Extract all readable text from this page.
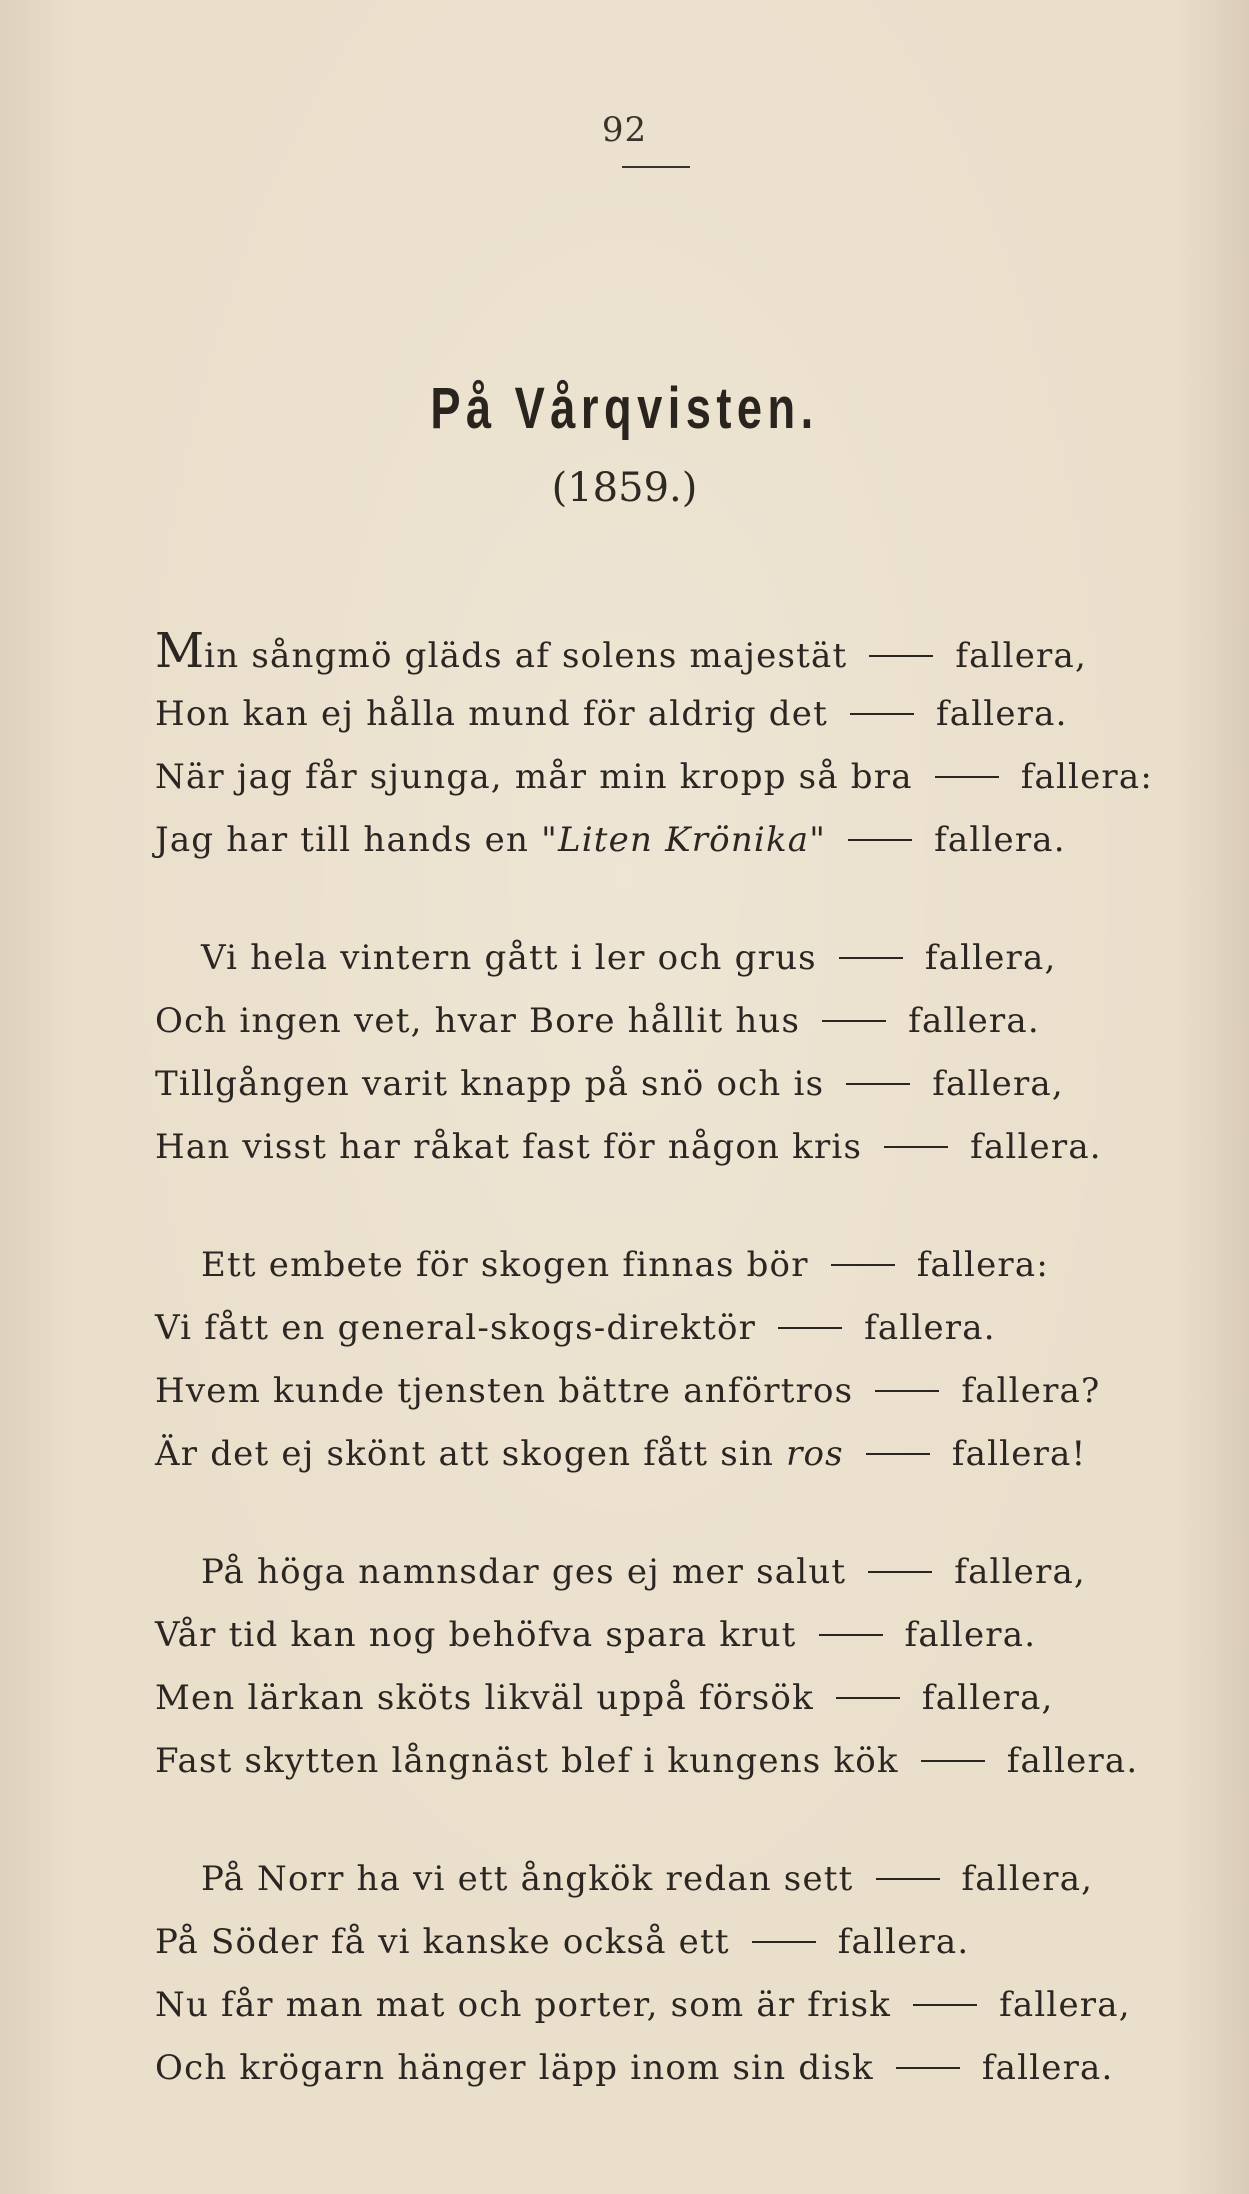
92
På Vårqvisten.
(1859.)
Min sångmö gläds af solens majestät	fallera,
Hon kan ej hålla mund för aldrig det	fallera.
När jag får sjunga, mår min kropp så bra	fallera:
Jag har till hands en "Liten Krönika"	fallera.
Vi hela vintern gått i ler och grus	fallera,
Och ingen vet, hvar Bore hållit hus	fallera.
Tillgången varit knapp på snö och is	fallera,
Han visst har råkat fast för någon kris	fallera.
Ett embete för skogen finnas bör	fallera:
Vi fått en general-skogs-direktör	fallera.
Hvem kunde tjensten bättre anförtros	fallera?
Är det ej skönt att skogen fått sin ros	fallera!
På höga namnsdar ges ej mer salut	fallera,
Vår tid kan nog behöfva spara krut	fallera.
Men lärkan sköts likväl uppå försök	fallera,
Fast skytten långnäst blef i kungens kök	fallera.
På Norr ha vi ett ångkök redan sett	fallera,
På Söder få vi kanske också ett	fallera.
Nu får man mat och porter, som är frisk	fallera,
Och krögarn hänger läpp inom sin disk	fallera.
